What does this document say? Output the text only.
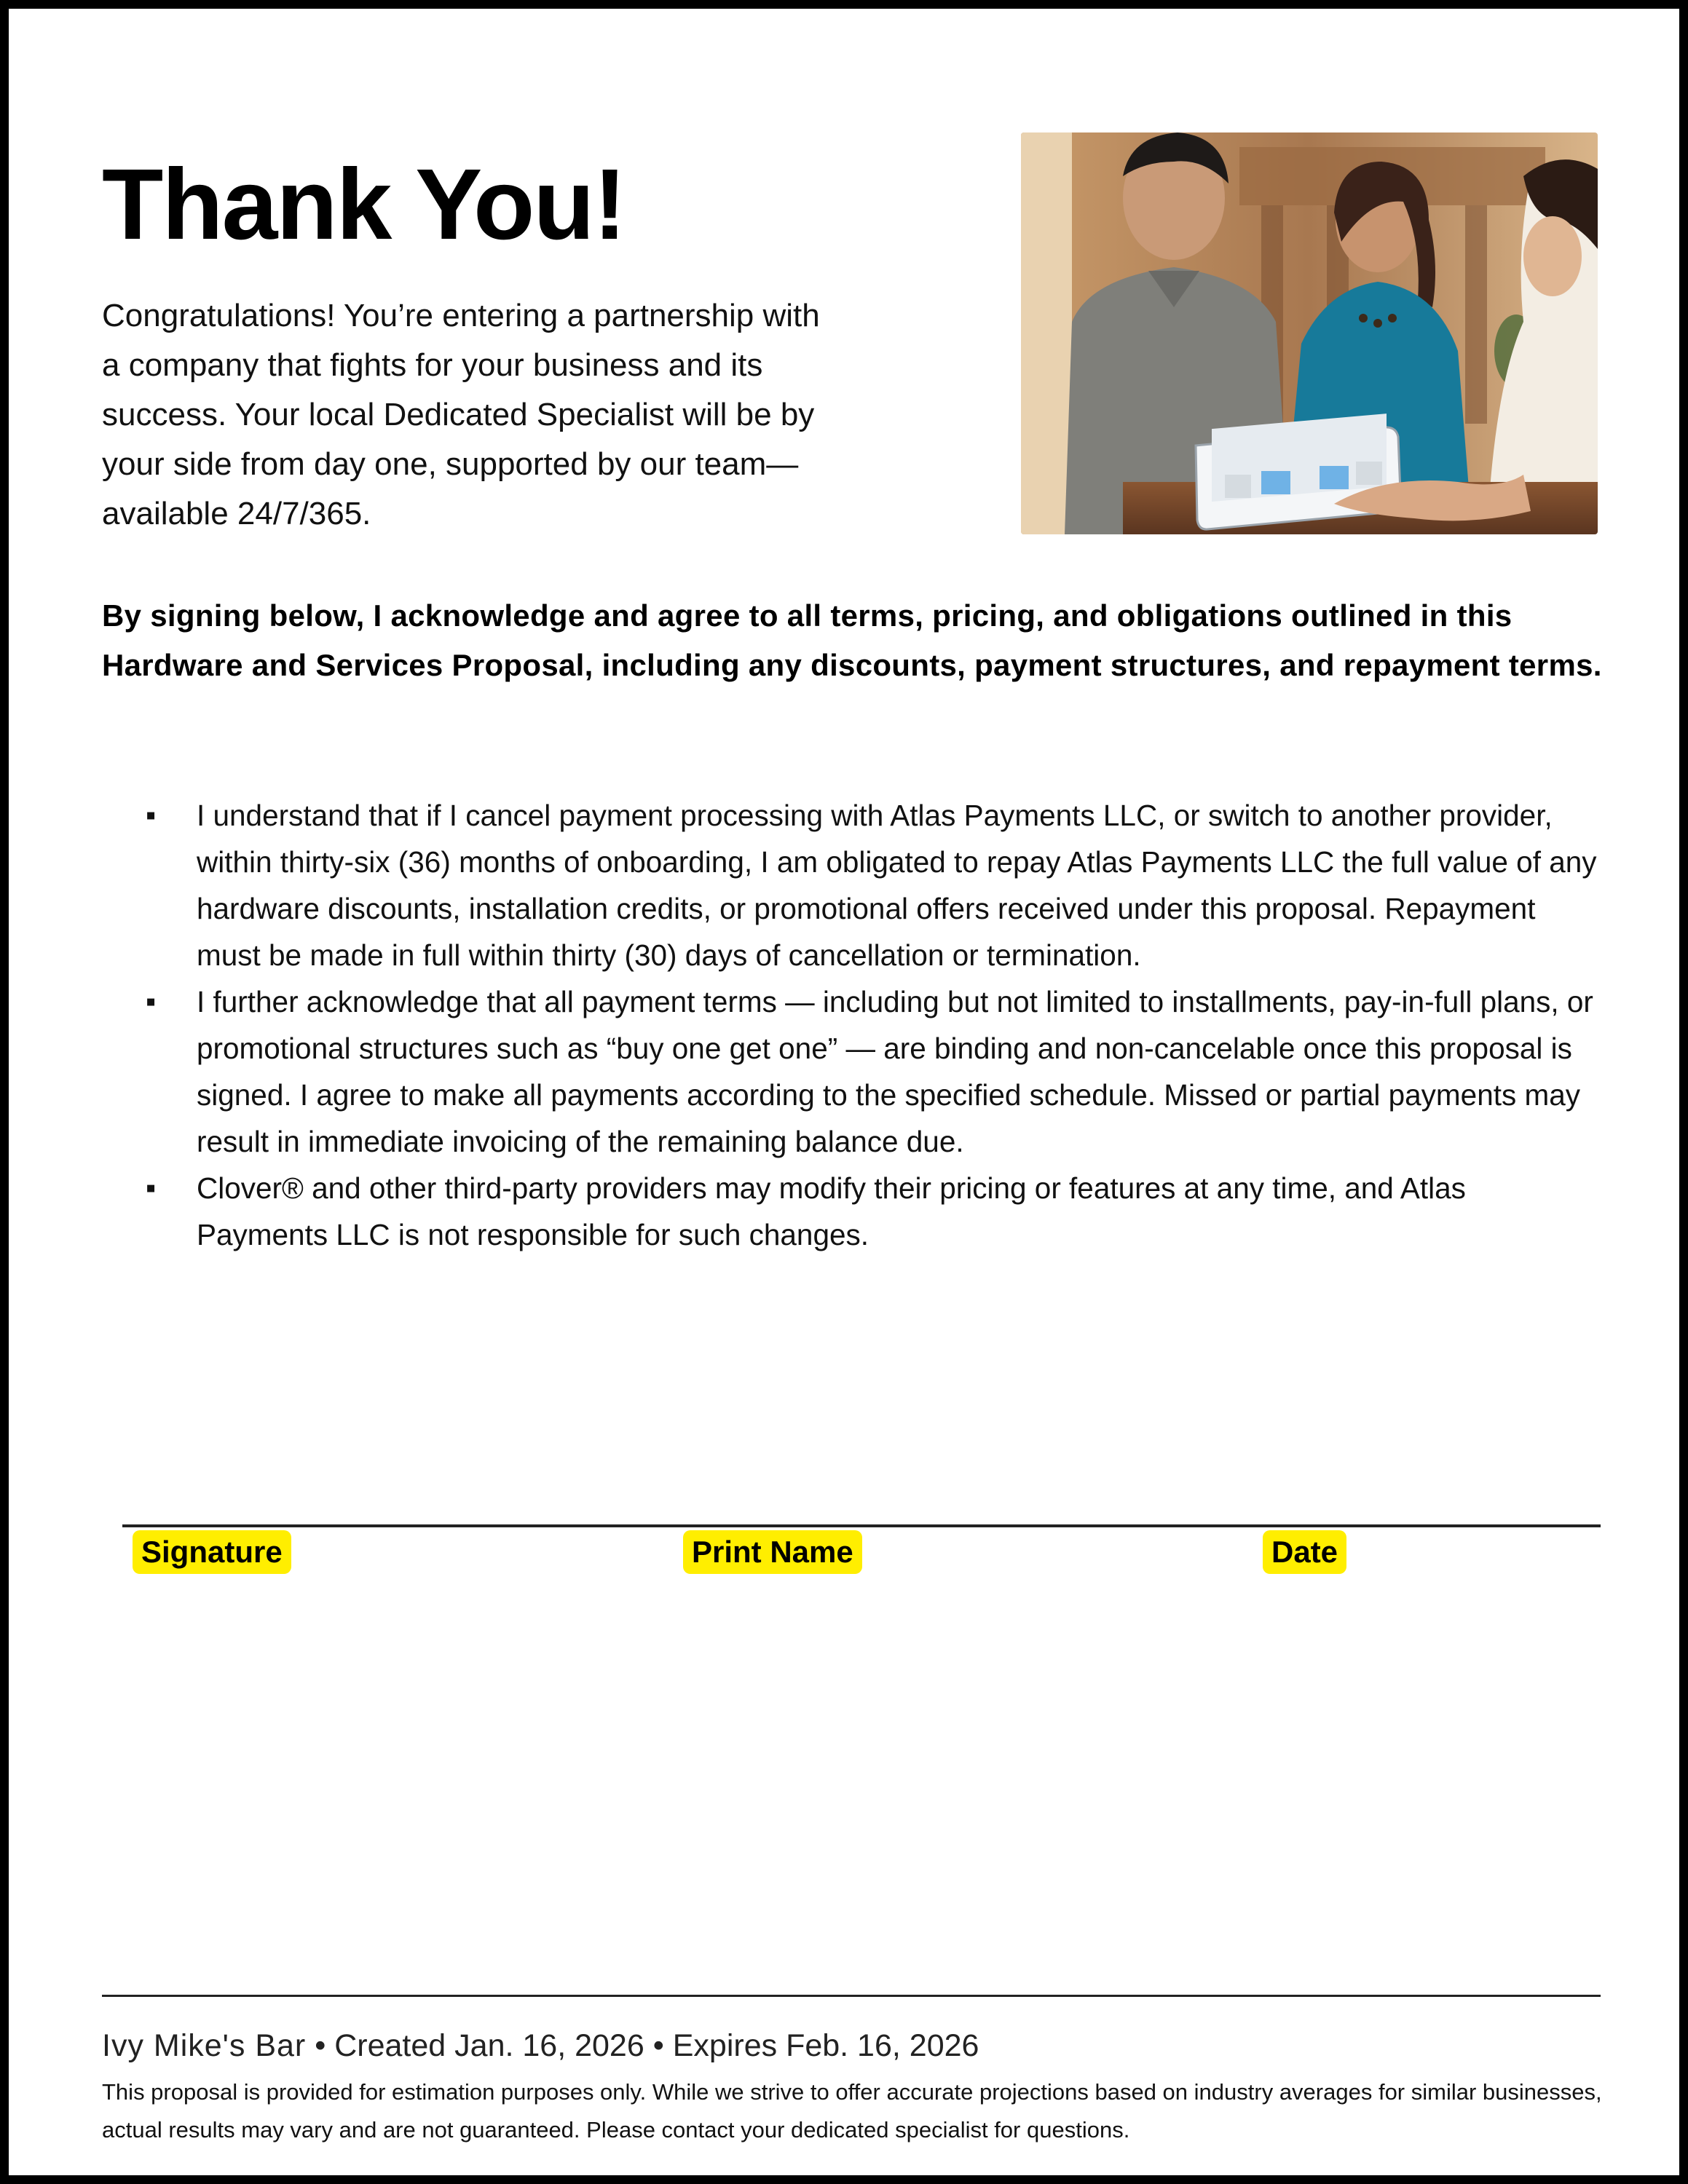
Thank You!

Congratulations! You’re entering a partnership with a company that fights for your business and its success. Your local Dedicated Specialist will be by your side from day one, supported by our team—available 24/7/365.

By signing below, I acknowledge and agree to all terms, pricing, and obligations outlined in this Hardware and Services Proposal, including any discounts, payment structures, and repayment terms.

▪ I understand that if I cancel payment processing with Atlas Payments LLC, or switch to another provider, within thirty-six (36) months of onboarding, I am obligated to repay Atlas Payments LLC the full value of any hardware discounts, installation credits, or promotional offers received under this proposal. Repayment must be made in full within thirty (30) days of cancellation or termination.
▪ I further acknowledge that all payment terms — including but not limited to installments, pay-in-full plans, or promotional structures such as “buy one get one” — are binding and non-cancelable once this proposal is signed. I agree to make all payments according to the specified schedule. Missed or partial payments may result in immediate invoicing of the remaining balance due.
▪ Clover® and other third-party providers may modify their pricing or features at any time, and Atlas Payments LLC is not responsible for such changes.
Signature	Print Name	Date
Ivy Mike's Bar • Created Jan. 16, 2026 • Expires Feb. 16, 2026

This proposal is provided for estimation purposes only. While we strive to offer accurate projections based on industry averages for similar businesses, actual results may vary and are not guaranteed. Please contact your dedicated specialist for questions.
